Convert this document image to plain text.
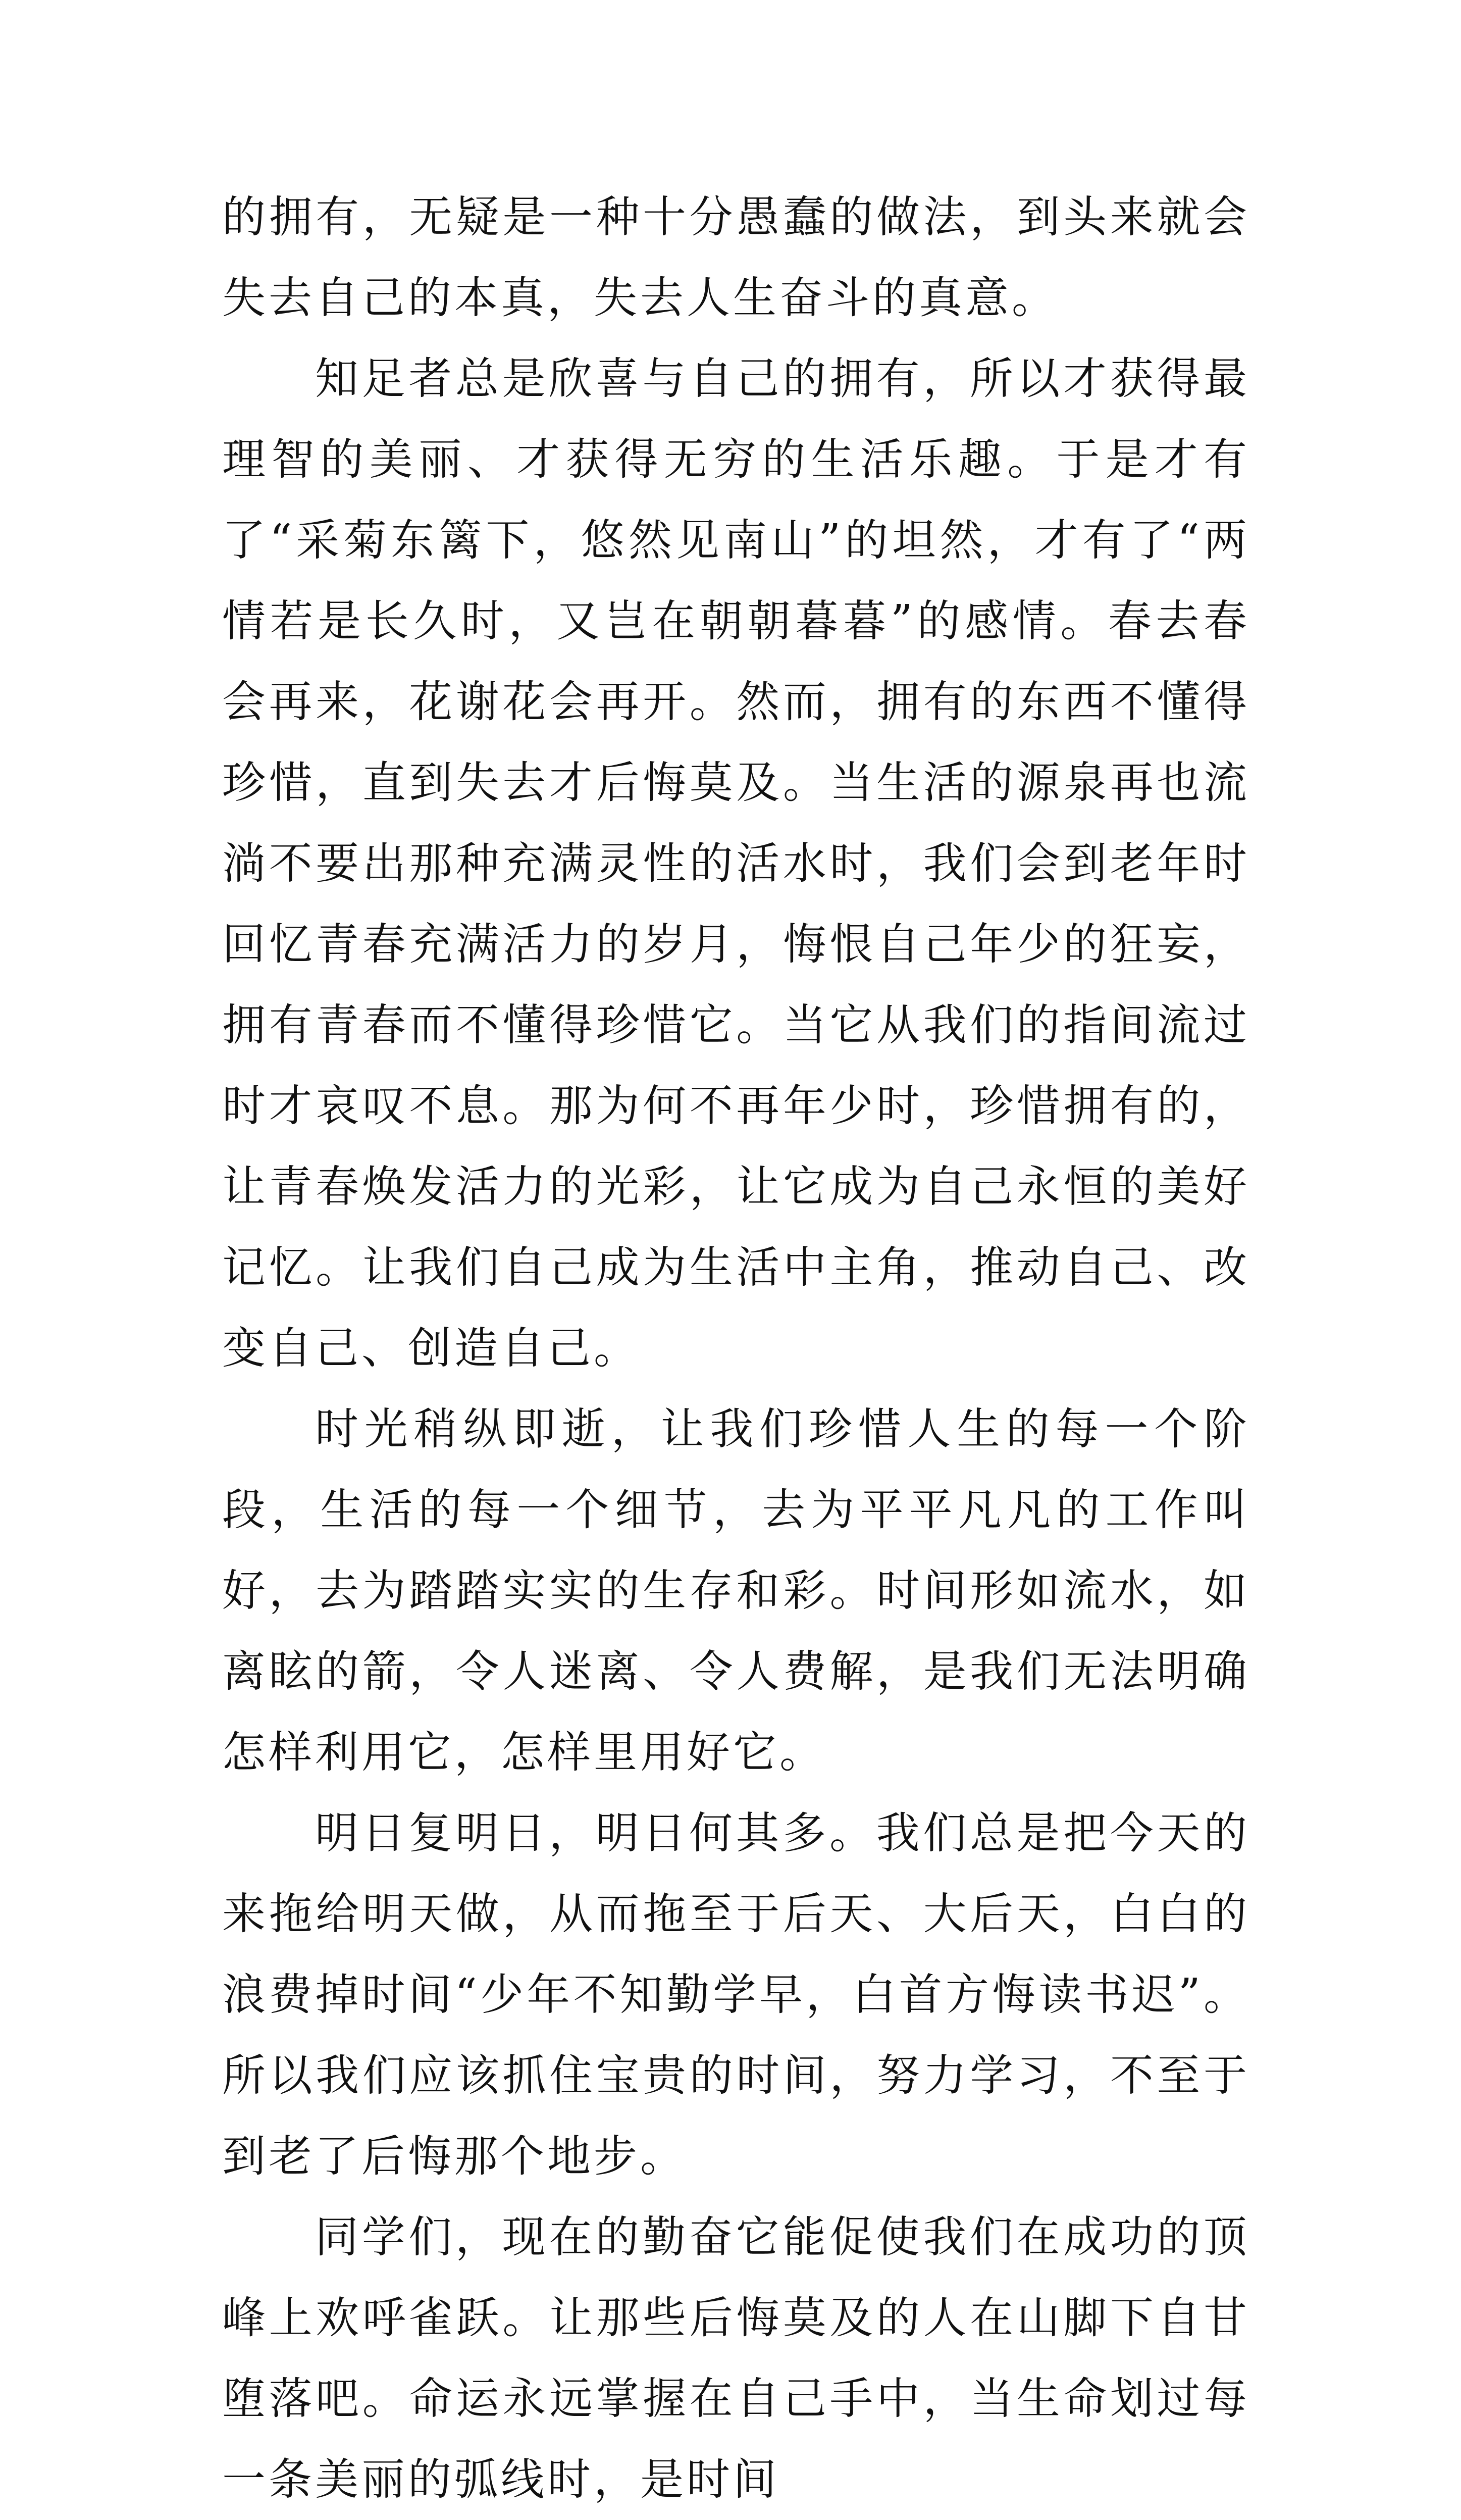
的拥有，无疑是一种十分愚蠢的做法，到头来就会失去自己的本真，失去人生奋斗的真意。

知足者总是欣喜与自己的拥有，所以才获得最理智的美丽、才获得无穷的生活乐趣。于是才有了“采菊东篱下，悠然见南山”的坦然，才有了“两情若是长久时，又岂在朝朝暮暮”的感情。春去春会再来，花谢花会再开。然而，拥有的东西不懂得珍惜，直到失去才后悔莫及。当生活的源泉再也流淌不要出那种充满灵性的活水时，我们会到老年时回忆青春充满活力的岁月，悔恨自己年少的狂妄，拥有青春而不懂得珍惜它。当它从我们的指间流过时才哀叹不息。那为何不再年少时，珍惜拥有的，让青春焕发活力的光彩，让它成为自己永恒的美好记忆。让我们自己成为生活中主角，推动自己、改变自己、创造自己。

时光稍纵即逝，让我们珍惜人生的每一个阶段，生活的每一个细节，去为平平凡凡的工作叫好，去为踏踏实实的生存和彩。时间形如流水，如离眩的箭，令人迷离、令人费解，是我们无法明确怎样利用它，怎样里用好它。

明日复明日，明日何其多。我们总是把今天的来拖给明天做，从而拖至于后天、大后天，白白的浪费掉时间“少年不知勤学早，白首方悔读书迟”。所以我们应该抓住宝贵的时间，努力学习，不至于到老了后悔那个地步。

同学们，现在的勤奋它能促使我们在成功的顶峰上欢呼雀跃。让那些后悔莫及的人在山脚下自甘堕落吧。命运永远掌握在自己手中，当生命划过每一条美丽的弧线时，是时间
